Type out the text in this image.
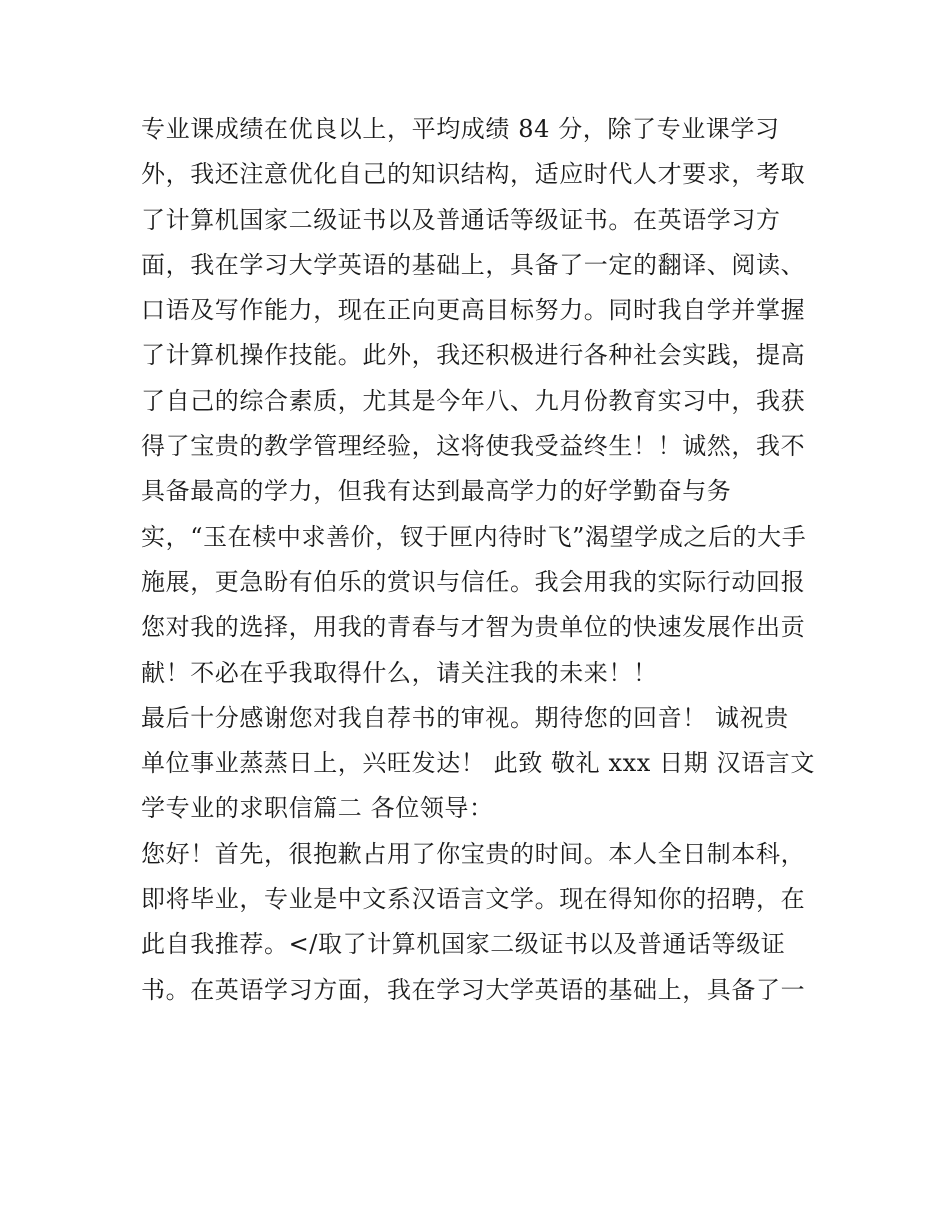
专业课成绩在优良以上，平均成绩 84 分，除了专业课学习
外，我还注意优化自己的知识结构，适应时代人才要求，考取
了计算机国家二级证书以及普通话等级证书。在英语学习方
面，我在学习大学英语的基础上，具备了一定的翻译、阅读、
口语及写作能力，现在正向更高目标努力。同时我自学并掌握
了计算机操作技能。此外，我还积极进行各种社会实践，提高
了自己的综合素质，尤其是今年八、九月份教育实习中，我获
得了宝贵的教学管理经验，这将使我受益终生！！诚然，我不
具备最高的学力，但我有达到最高学力的好学勤奋与务
实，“玉在椟中求善价，钗于匣内待时飞”渴望学成之后的大手
施展，更急盼有伯乐的赏识与信任。我会用我的实际行动回报
您对我的选择，用我的青春与才智为贵单位的快速发展作出贡
献！不必在乎我取得什么，请关注我的未来！！
最后十分感谢您对我自荐书的审视。期待您的回音！ 诚祝贵
单位事业蒸蒸日上，兴旺发达！ 此致 敬礼 xxx 日期 汉语言文
学专业的求职信篇二 各位领导：
您好！首先，很抱歉占用了你宝贵的时间。本人全日制本科，
即将毕业，专业是中文系汉语言文学。现在得知你的招聘，在
此自我推荐。</取了计算机国家二级证书以及普通话等级证
书。在英语学习方面，我在学习大学英语的基础上，具备了一
